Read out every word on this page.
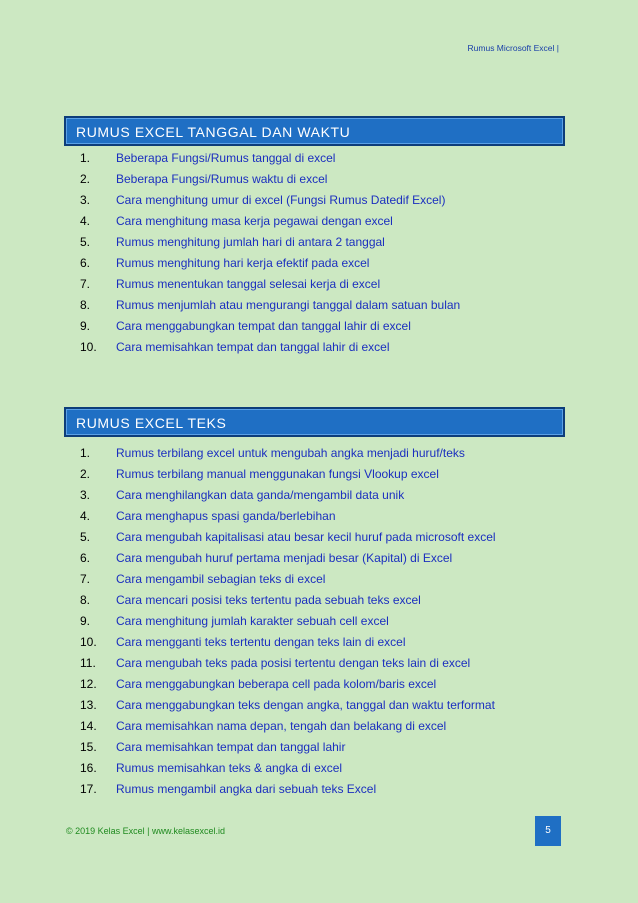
Rumus Microsoft Excel |
RUMUS EXCEL TANGGAL DAN WAKTU
1. Beberapa Fungsi/Rumus tanggal di excel
2. Beberapa Fungsi/Rumus waktu di excel
3. Cara menghitung umur di excel (Fungsi Rumus Datedif Excel)
4. Cara menghitung masa kerja pegawai dengan excel
5. Rumus menghitung jumlah hari di antara 2 tanggal
6. Rumus menghitung hari kerja efektif pada excel
7. Rumus menentukan tanggal selesai kerja di excel
8. Rumus menjumlah atau mengurangi tanggal dalam satuan bulan
9. Cara menggabungkan tempat dan tanggal lahir di excel
10. Cara memisahkan tempat dan tanggal lahir di excel
RUMUS EXCEL TEKS
1. Rumus terbilang excel untuk mengubah angka menjadi huruf/teks
2. Rumus terbilang manual menggunakan fungsi Vlookup excel
3. Cara menghilangkan data ganda/mengambil data unik
4. Cara menghapus spasi ganda/berlebihan
5. Cara mengubah kapitalisasi atau besar kecil huruf pada microsoft excel
6. Cara mengubah huruf pertama menjadi besar (Kapital) di Excel
7. Cara mengambil sebagian teks di excel
8. Cara mencari posisi teks tertentu pada sebuah teks excel
9. Cara menghitung jumlah karakter sebuah cell excel
10. Cara mengganti teks tertentu dengan teks lain di excel
11. Cara mengubah teks pada posisi tertentu dengan teks lain di excel
12. Cara menggabungkan beberapa cell pada kolom/baris excel
13. Cara menggabungkan teks dengan angka, tanggal dan waktu terformat
14. Cara memisahkan nama depan, tengah dan belakang di excel
15. Cara memisahkan tempat dan tanggal lahir
16. Rumus memisahkan teks & angka di excel
17. Rumus mengambil angka dari sebuah teks Excel
© 2019 Kelas Excel | www.kelasexcel.id	5
